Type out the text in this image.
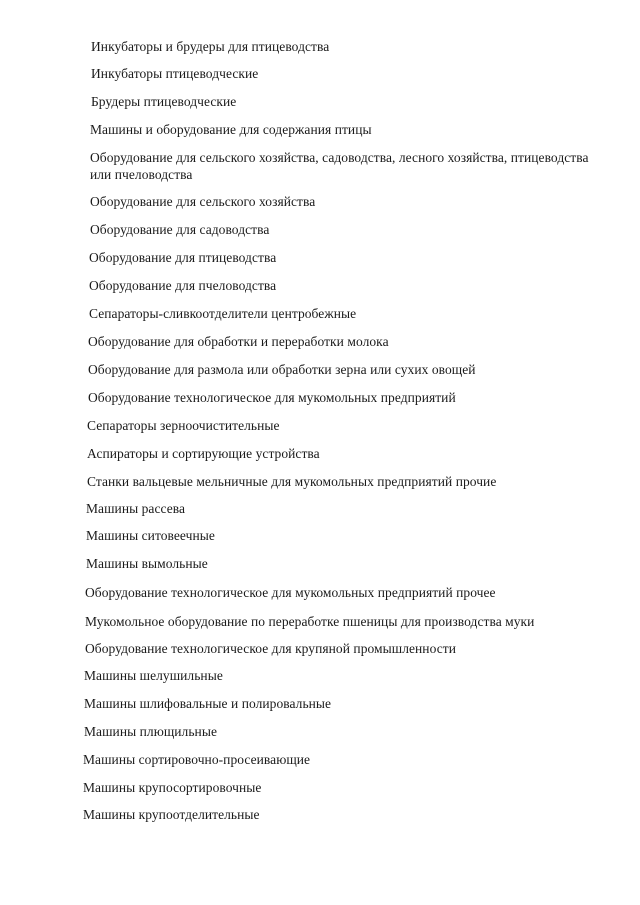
Инкубаторы и брудеры для птицеводства
Инкубаторы птицеводческие
Брудеры птицеводческие
Машины и оборудование для содержания птицы
Оборудование для сельского хозяйства, садоводства, лесного хозяйства, птицеводства или пчеловодства
Оборудование для сельского хозяйства
Оборудование для садоводства
Оборудование для птицеводства
Оборудование для пчеловодства
Сепараторы-сливкоотделители центробежные
Оборудование для обработки и переработки молока
Оборудование для размола или обработки зерна или сухих овощей
Оборудование технологическое для мукомольных предприятий
Сепараторы зерноочистительные
Аспираторы и сортирующие устройства
Станки вальцевые мельничные для мукомольных предприятий прочие
Машины рассева
Машины ситовеечные
Машины вымольные
Оборудование технологическое для мукомольных предприятий прочее
Мукомольное оборудование по переработке пшеницы для производства муки
Оборудование технологическое для крупяной промышленности
Машины шелушильные
Машины шлифовальные и полировальные
Машины плющильные
Машины сортировочно-просеивающие
Машины крупосортировочные
Машины крупоотделительные
